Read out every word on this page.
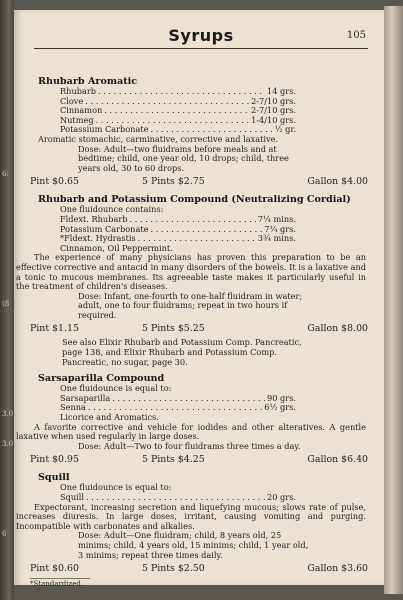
6:
(8
3.0
3.0
6
Syrups	105
Rhubarb Aromatic
Rhubarb . . .	14 grs.
Clove . . .	2-7/10 grs.
Cinnamon . . .	2-7/10 grs.
Nutmeg . . .	1-4/10 grs.
Potassium Carbonate . . .	½ gr.
Aromatic stomachic, carminative, corrective and laxative.
Dose: Adult—two fluidrams before meals and at bedtime; child, one year old, 10 drops; child, three years old, 30 to 60 drops.
Pint $0.65	5 Pints $2.75	Gallon $4.00
Rhubarb and Potassium Compound (Neutralizing Cordial)
One fluidounce contains:
Fldext. Rhubarb . . .	7¼ mins.
Potassium Carbonate . . .	7¼ grs.
*Fldext. Hydrastis . . .	3¾ mins.
Cinnamon, Oil Peppermint.
The experience of many physicians has proven this preparation to be an effective corrective and antacid in many disorders of the bowels. It is a laxative and a tonic to mucous membranes. Its agreeable taste makes it particularly useful in the treatment of children's diseases.
Dose: Infant, one-fourth to one-half fluidram in water; adult, one to four fluidrams; repeat in two hours if required.
Pint $1.15	5 Pints $5.25	Gallon $8.00
See also Elixir Rhubarb and Potassium Comp. Pancreatic, page 138, and Elixir Rhubarb and Potassium Comp. Pancreatic, no sugar, page 30.
Sarsaparilla Compound
One fluidounce is equal to:
Sarsaparilla . . .	90 grs.
Senna . . .	6½ grs.
Licorice and Aromatics.
A favorite corrective and vehicle for iodides and other alteratives. A gentle laxative when used regularly in large doses.
Dose: Adult—Two to four fluidrams three times a day.
Pint $0.95	5 Pints $4.25	Gallon $6.40
Squill
One fluidounce is equal to:
Squill . . .	20 grs.
Expectorant, increasing secretion and liquefying mucous; slows rate of pulse, increases diuresis. In large doses, irritant, causing vomiting and purging. Incompatible with carbonates and alkalies.
Dose: Adult—One fluidram; child, 8 years old, 25 minims; child, 4 years old, 15 minims; child, 1 year old, 3 minims; repeat three times daily.
Pint $0.60	5 Pints $2.50	Gallon $3.60
*Standardized.
